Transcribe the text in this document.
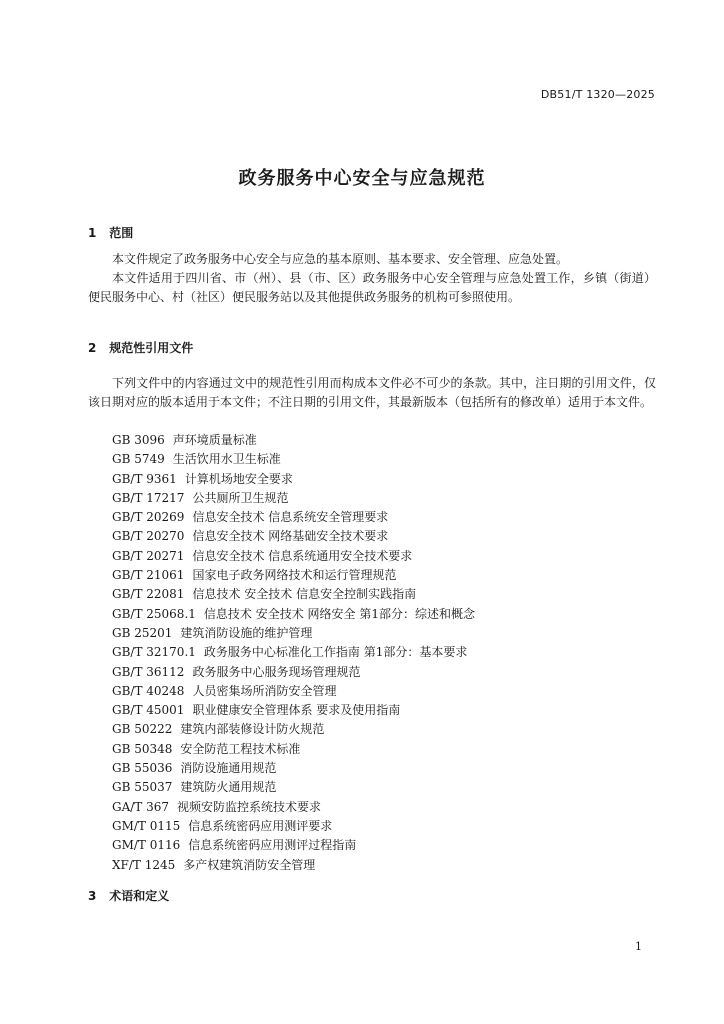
DB51/T 1320—2025
政务服务中心安全与应急规范
1 范围

本文件规定了政务服务中心安全与应急的基本原则、基本要求、安全管理、应急处置。

本文件适用于四川省、市（州）、县（市、区）政务服务中心安全管理与应急处置工作，乡镇（街道）便民服务中心、村（社区）便民服务站以及其他提供政务服务的机构可参照使用。

2 规范性引用文件

下列文件中的内容通过文中的规范性引用而构成本文件必不可少的条款。其中，注日期的引用文件，仅该日期对应的版本适用于本文件；不注日期的引用文件，其最新版本（包括所有的修改单）适用于本文件。

GB 3096 声环境质量标准
GB 5749 生活饮用水卫生标准
GB/T 9361 计算机场地安全要求
GB/T 17217 公共厕所卫生规范
GB/T 20269 信息安全技术 信息系统安全管理要求
GB/T 20270 信息安全技术 网络基础安全技术要求
GB/T 20271 信息安全技术 信息系统通用安全技术要求
GB/T 21061 国家电子政务网络技术和运行管理规范
GB/T 22081 信息技术 安全技术 信息安全控制实践指南
GB/T 25068.1 信息技术 安全技术 网络安全 第1部分：综述和概念
GB 25201 建筑消防设施的维护管理
GB/T 32170.1 政务服务中心标准化工作指南 第1部分：基本要求
GB/T 36112 政务服务中心服务现场管理规范
GB/T 40248 人员密集场所消防安全管理
GB/T 45001 职业健康安全管理体系 要求及使用指南
GB 50222 建筑内部装修设计防火规范
GB 50348 安全防范工程技术标准
GB 55036 消防设施通用规范
GB 55037 建筑防火通用规范
GA/T 367 视频安防监控系统技术要求
GM/T 0115 信息系统密码应用测评要求
GM/T 0116 信息系统密码应用测评过程指南
XF/T 1245 多产权建筑消防安全管理
3 术语和定义
1
